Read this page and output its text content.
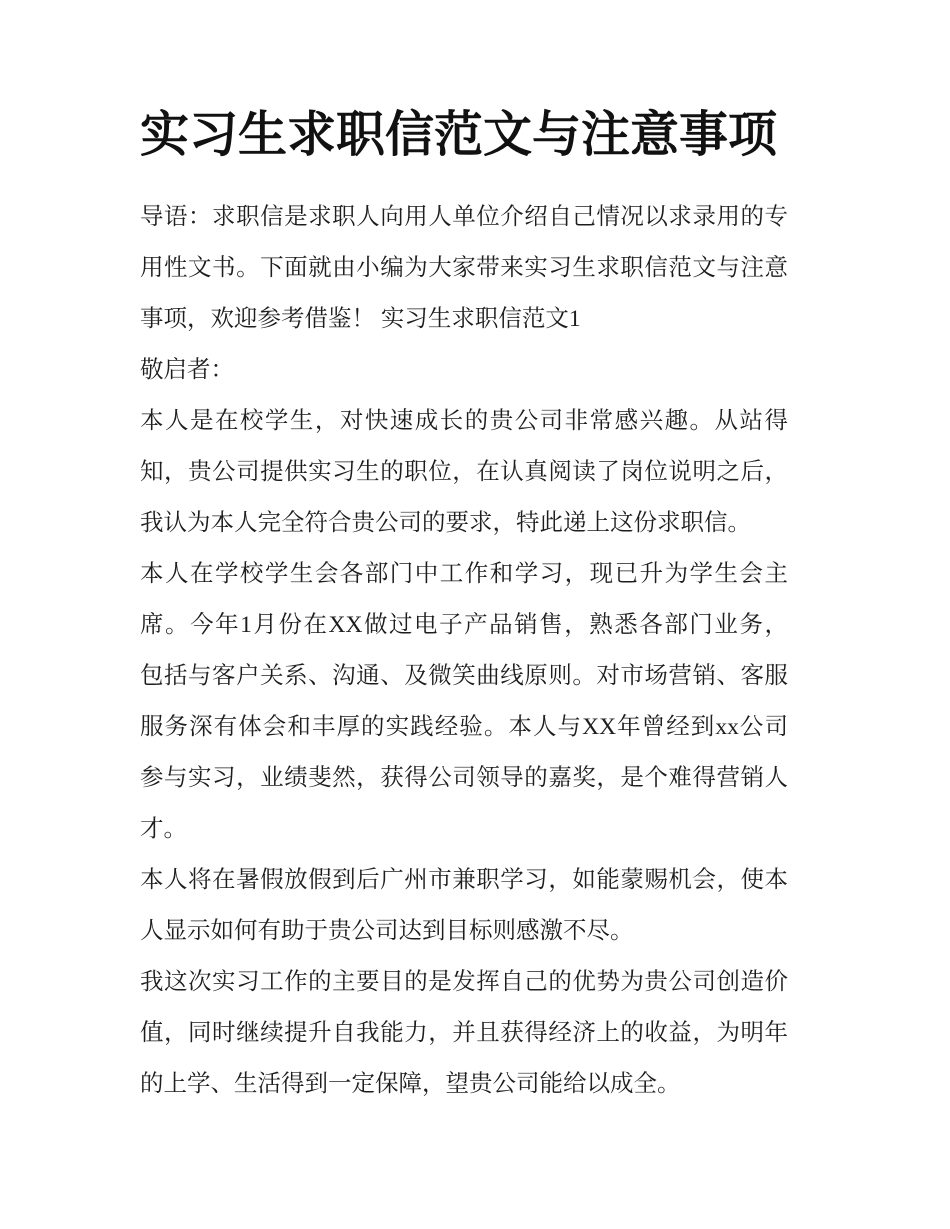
实习生求职信范文与注意事项

导语：求职信是求职人向用人单位介绍自己情况以求录用的专
用性文书。下面就由小编为大家带来实习生求职信范文与注意
事项，欢迎参考借鉴！ 实习生求职信范文1

敬启者：

本人是在校学生，对快速成长的贵公司非常感兴趣。从站得
知，贵公司提供实习生的职位，在认真阅读了岗位说明之后，
我认为本人完全符合贵公司的要求，特此递上这份求职信。

本人在学校学生会各部门中工作和学习，现已升为学生会主
席。今年1月份在XX做过电子产品销售，熟悉各部门业务，
包括与客户关系、沟通、及微笑曲线原则。对市场营销、客服
服务深有体会和丰厚的实践经验。本人与XX年曾经到xx公司
参与实习，业绩斐然，获得公司领导的嘉奖，是个难得营销人
才。

本人将在暑假放假到后广州市兼职学习，如能蒙赐机会，使本
人显示如何有助于贵公司达到目标则感激不尽。

我这次实习工作的主要目的是发挥自己的优势为贵公司创造价
值，同时继续提升自我能力，并且获得经济上的收益，为明年
的上学、生活得到一定保障，望贵公司能给以成全。
